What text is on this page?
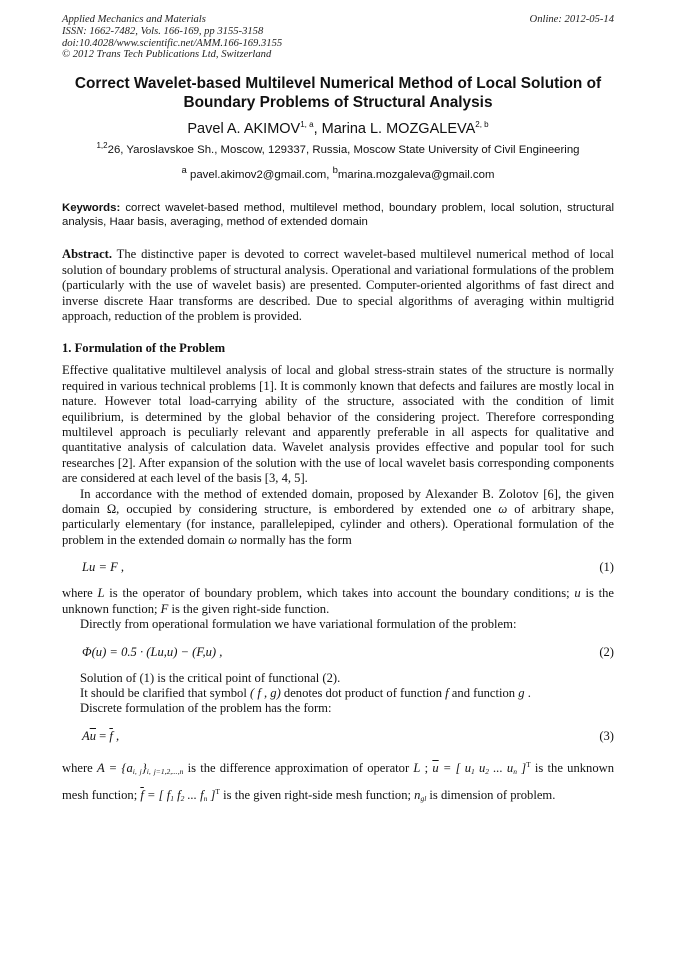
Applied Mechanics and Materials
ISSN: 1662-7482, Vols. 166-169, pp 3155-3158
doi:10.4028/www.scientific.net/AMM.166-169.3155
© 2012 Trans Tech Publications Ltd, Switzerland
Online: 2012-05-14
Correct Wavelet-based Multilevel Numerical Method of Local Solution of Boundary Problems of Structural Analysis
Pavel A. AKIMOV$^{1, a}$, Marina L. MOZGALEVA$^{2, b}$
$^{1,2}$26, Yaroslavskoe Sh., Moscow, 129337, Russia, Moscow State University of Civil Engineering
$^a$ pavel.akimov2@gmail.com, $^b$marina.mozgaleva@gmail.com
Keywords: correct wavelet-based method, multilevel method, boundary problem, local solution, structural analysis, Haar basis, averaging, method of extended domain

Abstract. The distinctive paper is devoted to correct wavelet-based multilevel numerical method of local solution of boundary problems of structural analysis. Operational and variational formulations of the problem (particularly with the use of wavelet basis) are presented. Computer-oriented algorithms of fast direct and inverse discrete Haar transforms are described. Due to special algorithms of averaging within multigrid approach, reduction of the problem is provided.

1. Formulation of the Problem

Effective qualitative multilevel analysis of local and global stress-strain states of the structure is normally required in various technical problems [1]. It is commonly known that defects and failures are mostly local in nature. However total load-carrying ability of the structure, associated with the condition of limit equilibrium, is determined by the global behavior of the considering project. Therefore corresponding multilevel approach is peculiarly relevant and apparently preferable in all aspects for qualitative and quantitative analysis of calculation data. Wavelet analysis provides effective and popular tool for such researches [2]. After expansion of the solution with the use of local wavelet basis corresponding components are considered at each level of the basis [3, 4, 5].

In accordance with the method of extended domain, proposed by Alexander B. Zolotov [6], the given domain Ω, occupied by considering structure, is embordered by extended one ω of arbitrary shape, particularly elementary (for instance, parallelepiped, cylinder and others). Operational formulation of the problem in the extended domain ω normally has the form

Lu = F ,	(1)

where L is the operator of boundary problem, which takes into account the boundary conditions; u is the unknown function; F is the given right-side function.

Directly from operational formulation we have variational formulation of the problem:

Φ(u) = 0.5 · (Lu,u) − (F,u) ,	(2)

Solution of (1) is the critical point of functional (2).

It should be clarified that symbol ( f , g) denotes dot product of function f and function g .

Discrete formulation of the problem has the form:

$A\overline{u} = \overline{f}$ ,	(3)

where $A = \{a_{i, j}\}_{i, j=1,2,...,n}$ is the difference approximation of operator L ; $\overline{u}$ = [ $u_1$ $u_2$ ... $u_n$ ]$^T$ is the unknown mesh function; $\overline{f}$ = [ $f_1$ $f_2$ ... $f_n$ ]$^T$ is the given right-side mesh function; $n_{gl}$ is dimension of problem.
